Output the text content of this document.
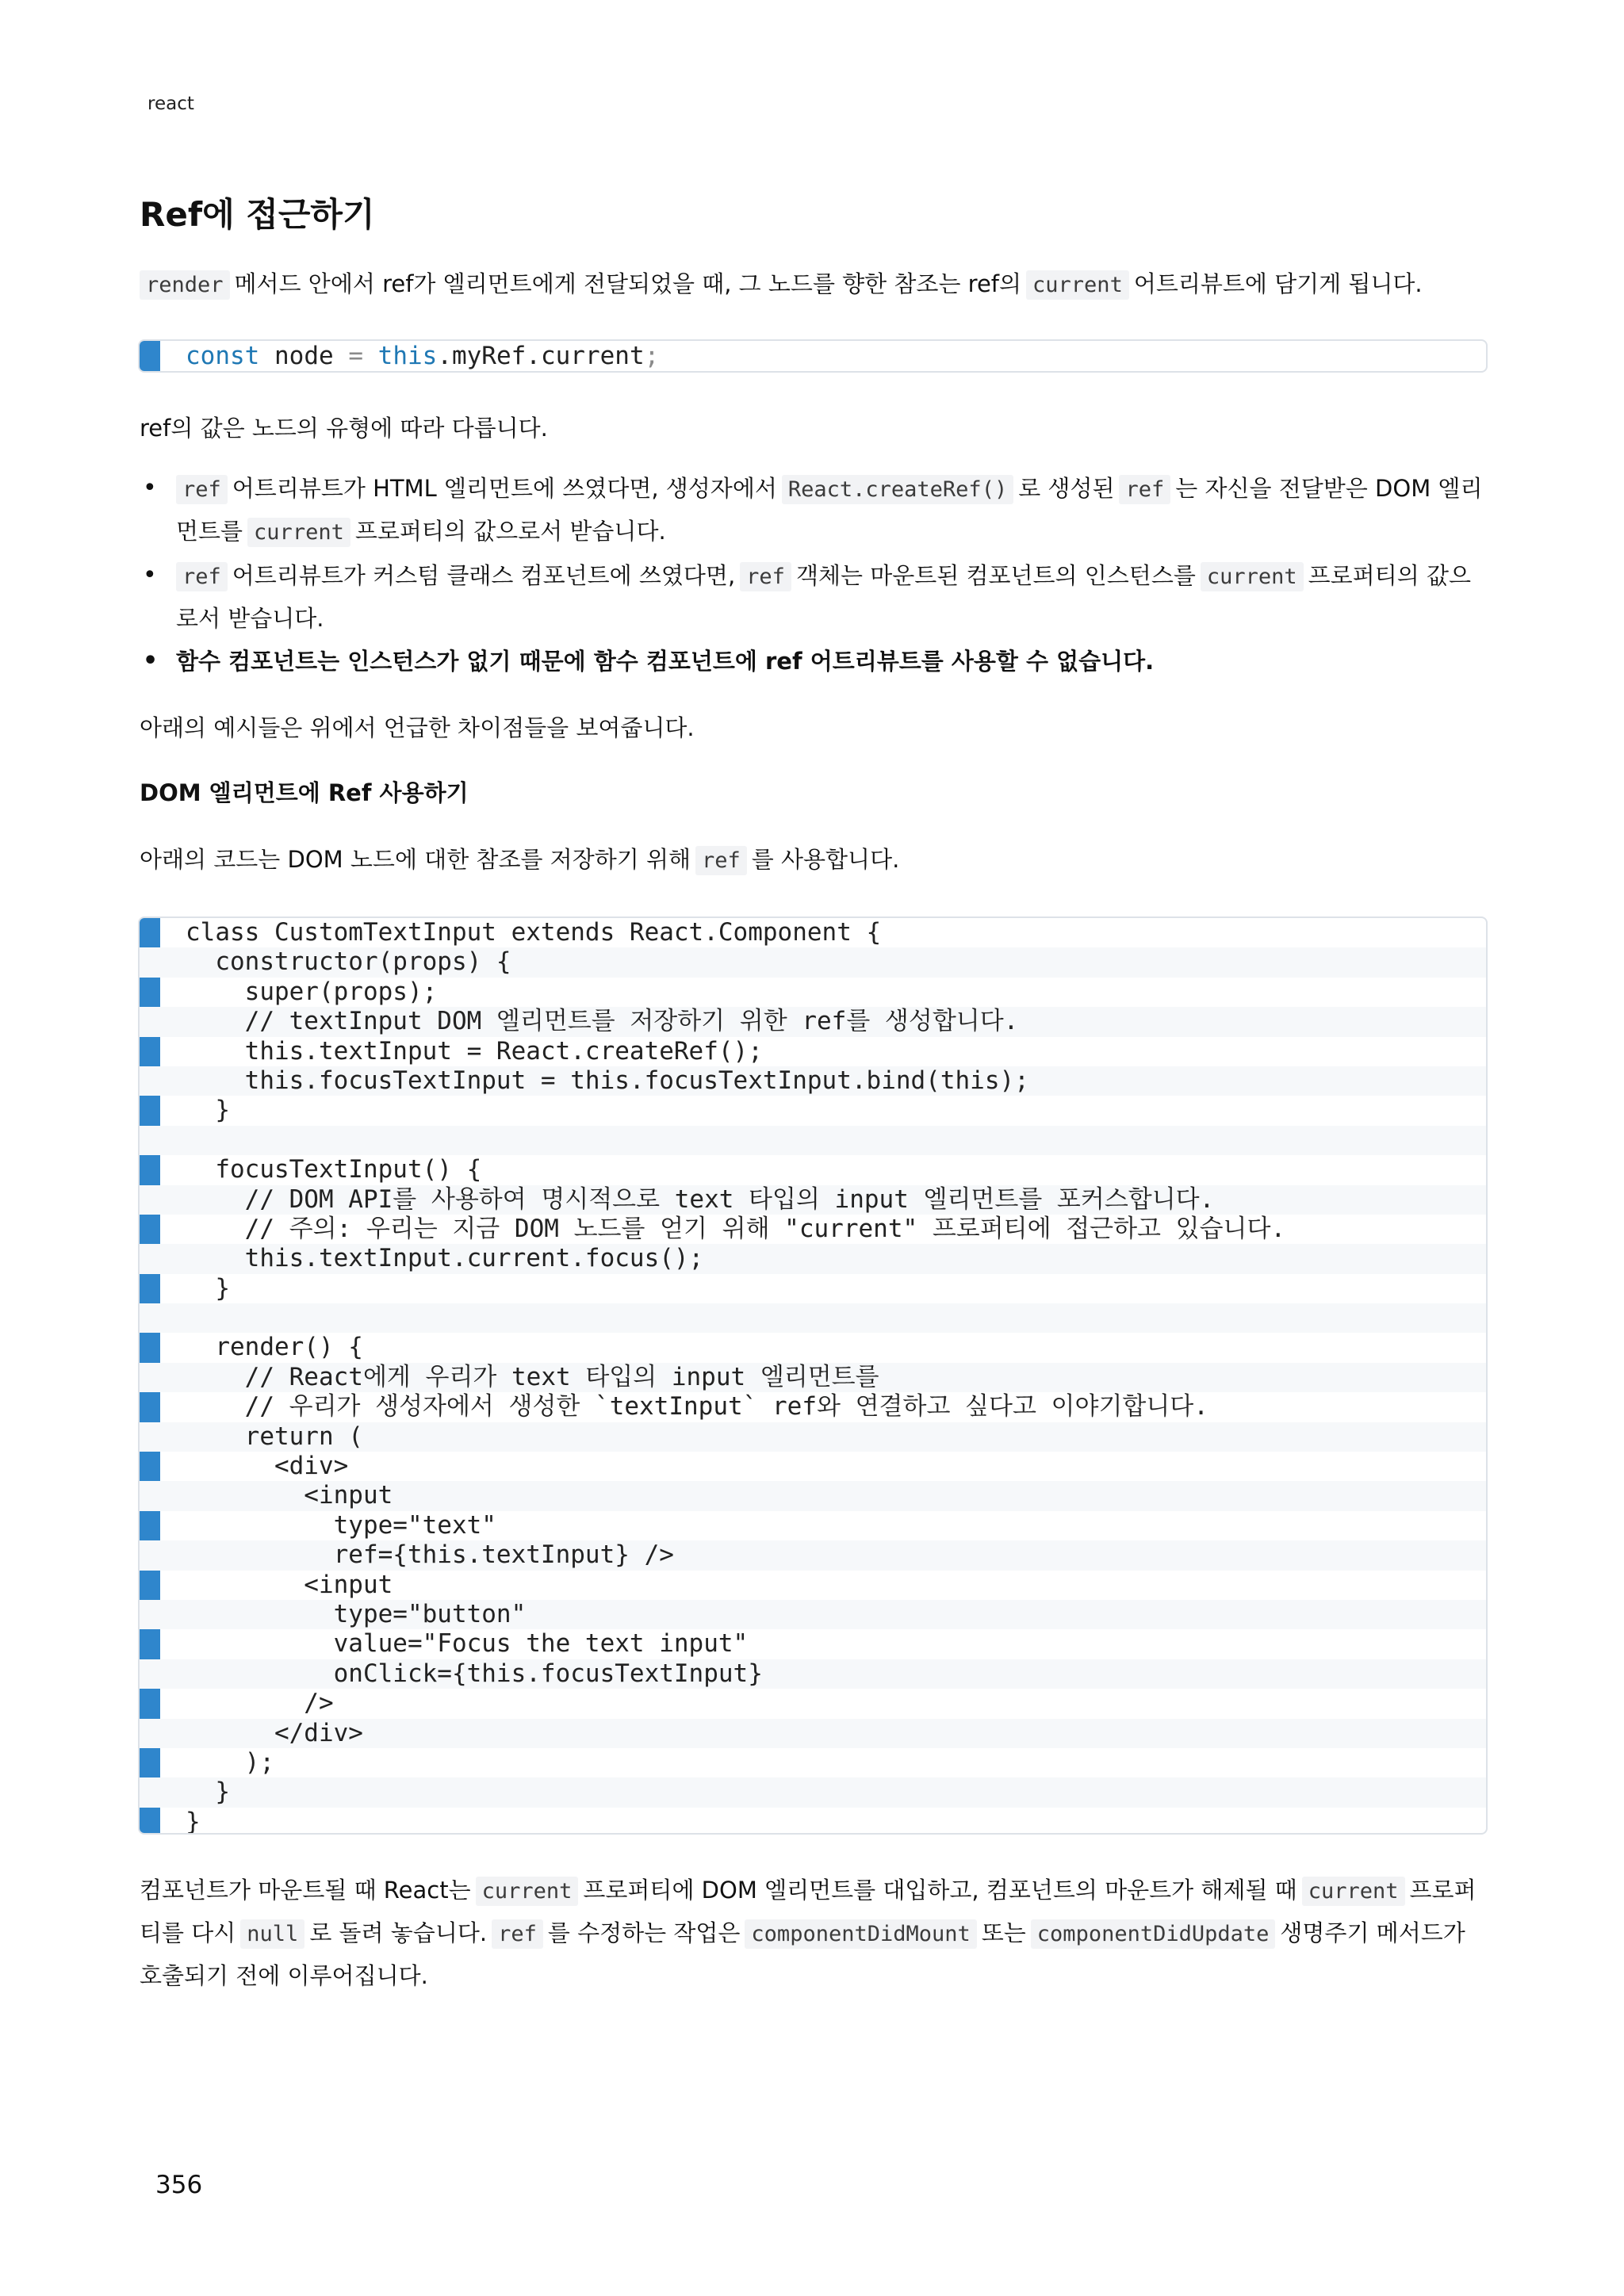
react
Ref에 접근하기

render 메서드 안에서 ref가 엘리먼트에게 전달되었을 때, 그 노드를 향한 참조는 ref의 current 어트리뷰트에 담기게 됩니다.

const node = this.myRef.current;

ref의 값은 노드의 유형에 따라 다릅니다.

• ref 어트리뷰트가 HTML 엘리먼트에 쓰였다면, 생성자에서 React.createRef() 로 생성된 ref 는 자신을 전달받은 DOM 엘리먼트를 current 프로퍼티의 값으로서 받습니다.
• ref 어트리뷰트가 커스텀 클래스 컴포넌트에 쓰였다면, ref 객체는 마운트된 컴포넌트의 인스턴스를 current 프로퍼티의 값으로서 받습니다.
• 함수 컴포넌트는 인스턴스가 없기 때문에 함수 컴포넌트에 ref 어트리뷰트를 사용할 수 없습니다.

아래의 예시들은 위에서 언급한 차이점들을 보여줍니다.

DOM 엘리먼트에 Ref 사용하기

아래의 코드는 DOM 노드에 대한 참조를 저장하기 위해 ref 를 사용합니다.

class CustomTextInput extends React.Component {
constructor(props) {
super(props);
// textInput DOM 엘리먼트를 저장하기 위한 ref를 생성합니다.
this.textInput = React.createRef();
this.focusTextInput = this.focusTextInput.bind(this);
}

focusTextInput() {
// DOM API를 사용하여 명시적으로 text 타입의 input 엘리먼트를 포커스합니다.
// 주의: 우리는 지금 DOM 노드를 얻기 위해 "current" 프로퍼티에 접근하고 있습니다.
this.textInput.current.focus();
}

render() {
// React에게 우리가 text 타입의 input 엘리먼트를
// 우리가 생성자에서 생성한 `textInput` ref와 연결하고 싶다고 이야기합니다.
return (
<div>
<input
type="text"
ref={this.textInput} />
<input
type="button"
value="Focus the text input"
onClick={this.focusTextInput}
/>
</div>
);
}
}

컴포넌트가 마운트될 때 React는 current 프로퍼티에 DOM 엘리먼트를 대입하고, 컴포넌트의 마운트가 해제될 때 current 프로퍼티를 다시 null 로 돌려 놓습니다. ref 를 수정하는 작업은 componentDidMount 또는 componentDidUpdate 생명주기 메서드가 호출되기 전에 이루어집니다.

356
